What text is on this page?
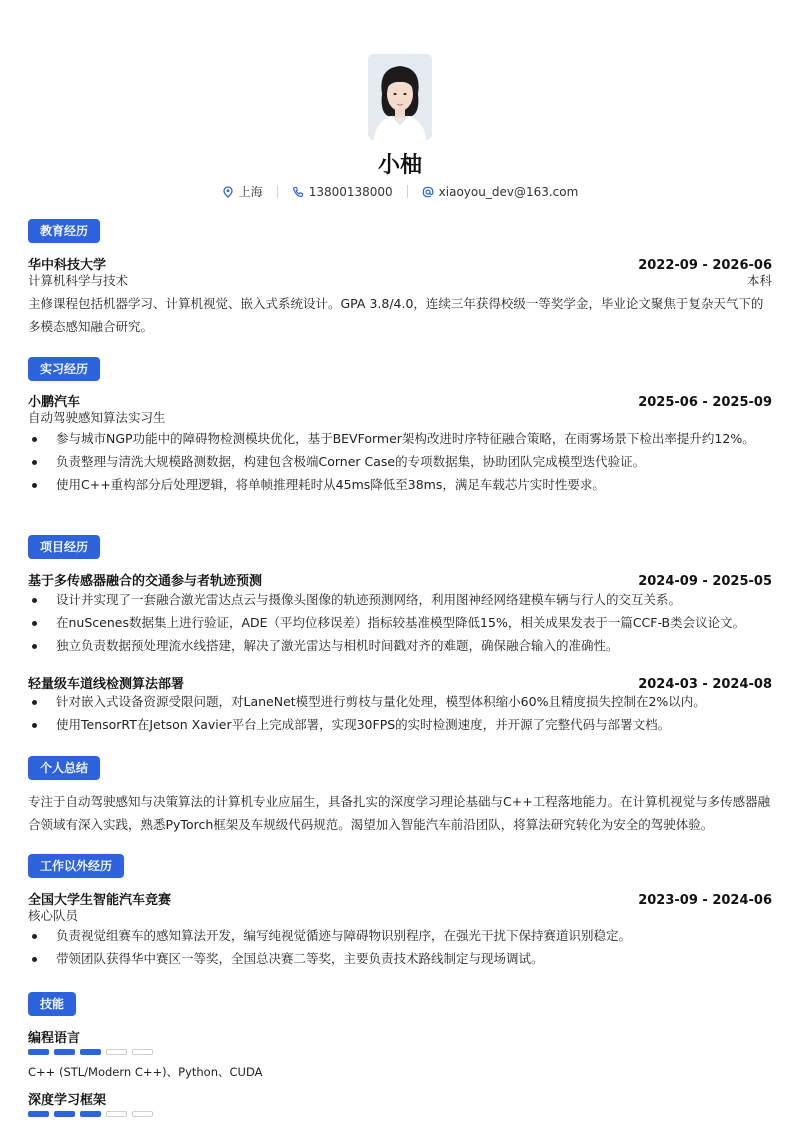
小柚
上海	13800138000	xiaoyou_dev@163.com
教育经历
华中科技大学	2022-09 - 2026-06
计算机科学与技术	本科
主修课程包括机器学习、计算机视觉、嵌入式系统设计。GPA 3.8/4.0，连续三年获得校级一等奖学金，毕业论文聚焦于复杂天气下的多模态感知融合研究。
实习经历
小鹏汽车	2025-06 - 2025-09
自动驾驶感知算法实习生
参与城市NGP功能中的障碍物检测模块优化，基于BEVFormer架构改进时序特征融合策略，在雨雾场景下检出率提升约12%。
负责整理与清洗大规模路测数据，构建包含极端Corner Case的专项数据集，协助团队完成模型迭代验证。
使用C++重构部分后处理逻辑，将单帧推理耗时从45ms降低至38ms，满足车载芯片实时性要求。
项目经历
基于多传感器融合的交通参与者轨迹预测	2024-09 - 2025-05
设计并实现了一套融合激光雷达点云与摄像头图像的轨迹预测网络，利用图神经网络建模车辆与行人的交互关系。
在nuScenes数据集上进行验证，ADE（平均位移误差）指标较基准模型降低15%，相关成果发表于一篇CCF-B类会议论文。
独立负责数据预处理流水线搭建，解决了激光雷达与相机时间戳对齐的难题，确保融合输入的准确性。
轻量级车道线检测算法部署	2024-03 - 2024-08
针对嵌入式设备资源受限问题，对LaneNet模型进行剪枝与量化处理，模型体积缩小60%且精度损失控制在2%以内。
使用TensorRT在Jetson Xavier平台上完成部署，实现30FPS的实时检测速度，并开源了完整代码与部署文档。
个人总结
专注于自动驾驶感知与决策算法的计算机专业应届生，具备扎实的深度学习理论基础与C++工程落地能力。在计算机视觉与多传感器融合领域有深入实践，熟悉PyTorch框架及车规级代码规范。渴望加入智能汽车前沿团队，将算法研究转化为安全的驾驶体验。
工作以外经历
全国大学生智能汽车竞赛	2023-09 - 2024-06
核心队员
负责视觉组赛车的感知算法开发，编写纯视觉循迹与障碍物识别程序，在强光干扰下保持赛道识别稳定。
带领团队获得华中赛区一等奖，全国总决赛二等奖，主要负责技术路线制定与现场调试。
技能
编程语言
C++ (STL/Modern C++)、Python、CUDA
深度学习框架
